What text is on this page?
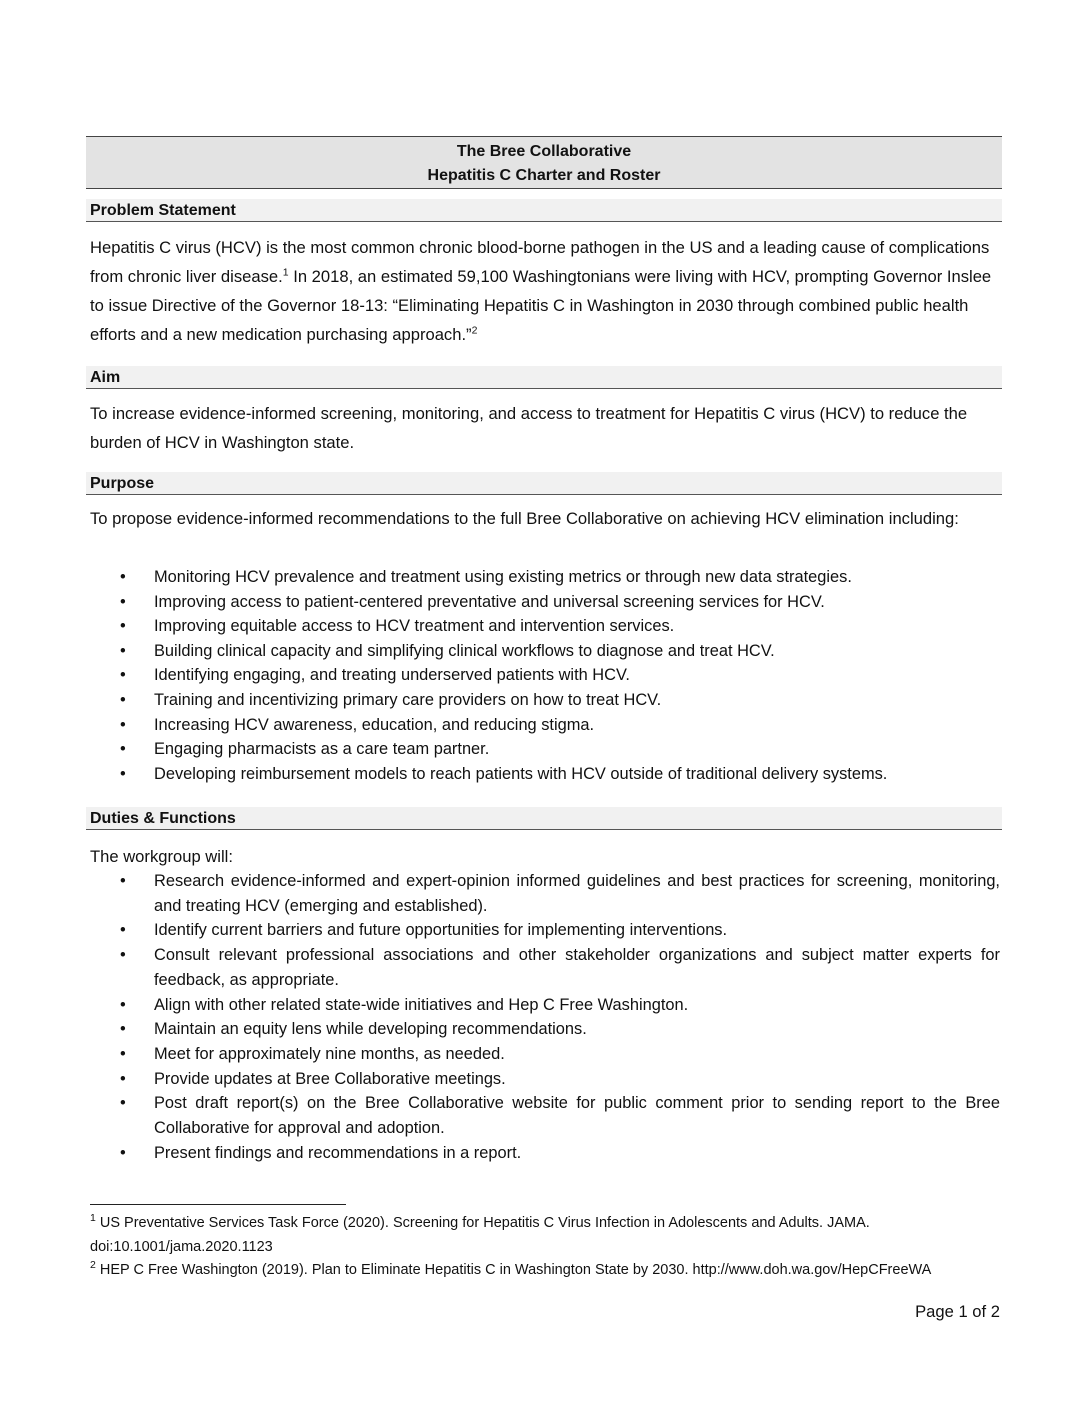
The Bree Collaborative
Hepatitis C Charter and Roster
Problem Statement
Hepatitis C virus (HCV) is the most common chronic blood-borne pathogen in the US and a leading cause of complications from chronic liver disease.$^1$ In 2018, an estimated 59,100 Washingtonians were living with HCV, prompting Governor Inslee to issue Directive of the Governor 18-13: “Eliminating Hepatitis C in Washington in 2030 through combined public health efforts and a new medication purchasing approach.”$^2$
Aim
To increase evidence-informed screening, monitoring, and access to treatment for Hepatitis C virus (HCV) to reduce the burden of HCV in Washington state.
Purpose
To propose evidence-informed recommendations to the full Bree Collaborative on achieving HCV elimination including:
• Monitoring HCV prevalence and treatment using existing metrics or through new data strategies.
• Improving access to patient-centered preventative and universal screening services for HCV.
• Improving equitable access to HCV treatment and intervention services.
• Building clinical capacity and simplifying clinical workflows to diagnose and treat HCV.
• Identifying engaging, and treating underserved patients with HCV.
• Training and incentivizing primary care providers on how to treat HCV.
• Increasing HCV awareness, education, and reducing stigma.
• Engaging pharmacists as a care team partner.
• Developing reimbursement models to reach patients with HCV outside of traditional delivery systems.
Duties & Functions
The workgroup will:
• Research evidence-informed and expert-opinion informed guidelines and best practices for screening, monitoring, and treating HCV (emerging and established).
• Identify current barriers and future opportunities for implementing interventions.
• Consult relevant professional associations and other stakeholder organizations and subject matter experts for feedback, as appropriate.
• Align with other related state-wide initiatives and Hep C Free Washington.
• Maintain an equity lens while developing recommendations.
• Meet for approximately nine months, as needed.
• Provide updates at Bree Collaborative meetings.
• Post draft report(s) on the Bree Collaborative website for public comment prior to sending report to the Bree Collaborative for approval and adoption.
• Present findings and recommendations in a report.
$^1$ US Preventative Services Task Force (2020). Screening for Hepatitis C Virus Infection in Adolescents and Adults. JAMA. doi:10.1001/jama.2020.1123
$^2$ HEP C Free Washington (2019). Plan to Eliminate Hepatitis C in Washington State by 2030. http://www.doh.wa.gov/HepCFreeWA
Page 1 of 2
